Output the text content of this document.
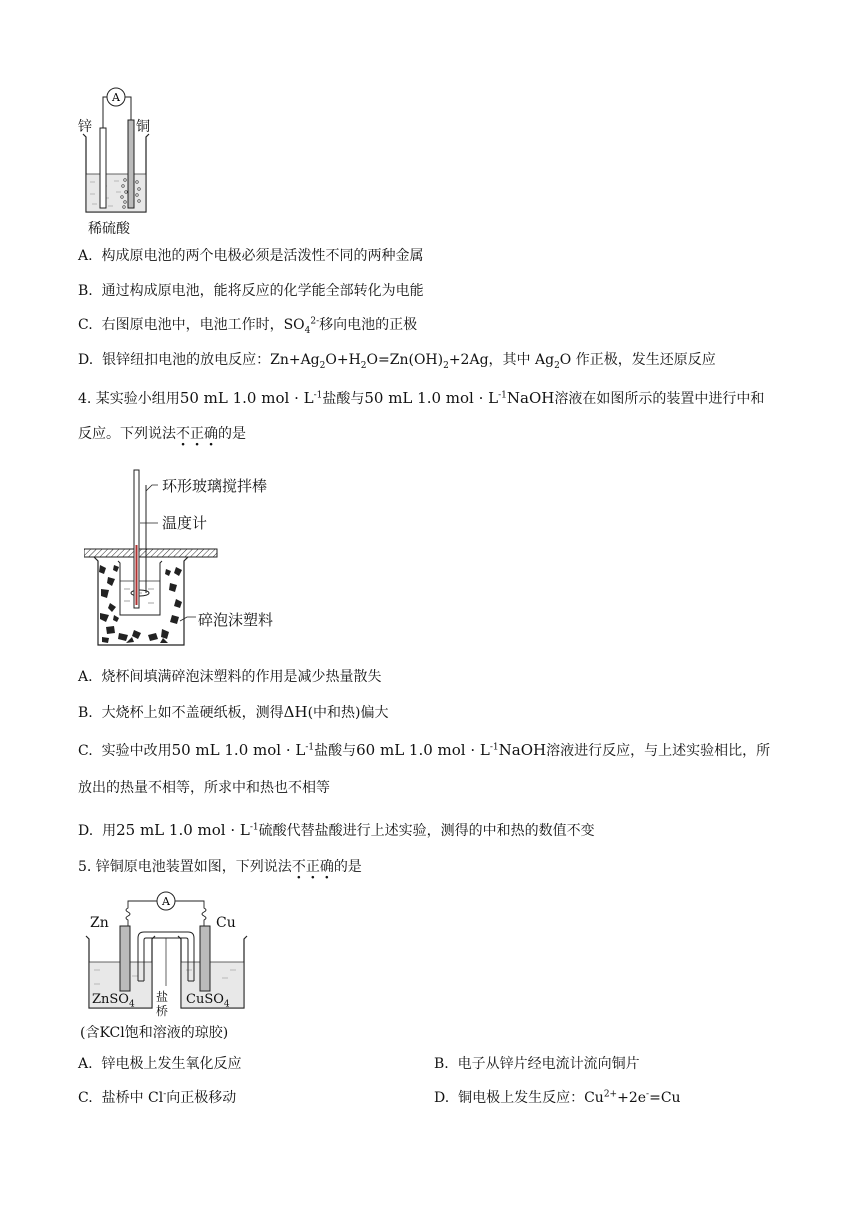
A
锌	铜
稀硫酸
A. 构成原电池的两个电极必须是活泼性不同的两种金属
B. 通过构成原电池，能将反应的化学能全部转化为电能
C. 右图原电池中，电池工作时，$SO_4^{2-}$移向电池的正极
D. 银锌纽扣电池的放电反应：$Zn+Ag_2O+H_2O=Zn(OH)_2+2Ag$，其中 $Ag_2O$ 作正极，发生还原反应
4. 某实验小组用50 mL 1.0 mol · $L^{-1}$盐酸与50 mL 1.0 mol · $L^{-1}NaOH$溶液在如图所示的装置中进行中和
反应。下列说法不正确的是
环形玻璃搅拌棒
温度计
碎泡沫塑料
A. 烧杯间填满碎泡沫塑料的作用是减少热量散失
B. 大烧杯上如不盖硬纸板，测得ΔH(中和热)偏大
C. 实验中改用50 mL 1.0 mol · $L^{-1}$盐酸与60 mL 1.0 mol · $L^{-1}NaOH$溶液进行反应，与上述实验相比，所
放出的热量不相等，所求中和热也不相等
D. 用25 mL 1.0 mol · $L^{-1}$硫酸代替盐酸进行上述实验，测得的中和热的数值不变
5. 锌铜原电池装置如图，下列说法不正确的是
A
Zn	Cu
ZnSO$_4$	CuSO$_4$
盐
桥
(含KCl饱和溶液的琼胶)
A. 锌电极上发生氧化反应	B. 电子从锌片经电流计流向铜片
C. 盐桥中 Cl-向正极移动	D. 铜电极上发生反应：$Cu^{2+}+2e^-=Cu$
